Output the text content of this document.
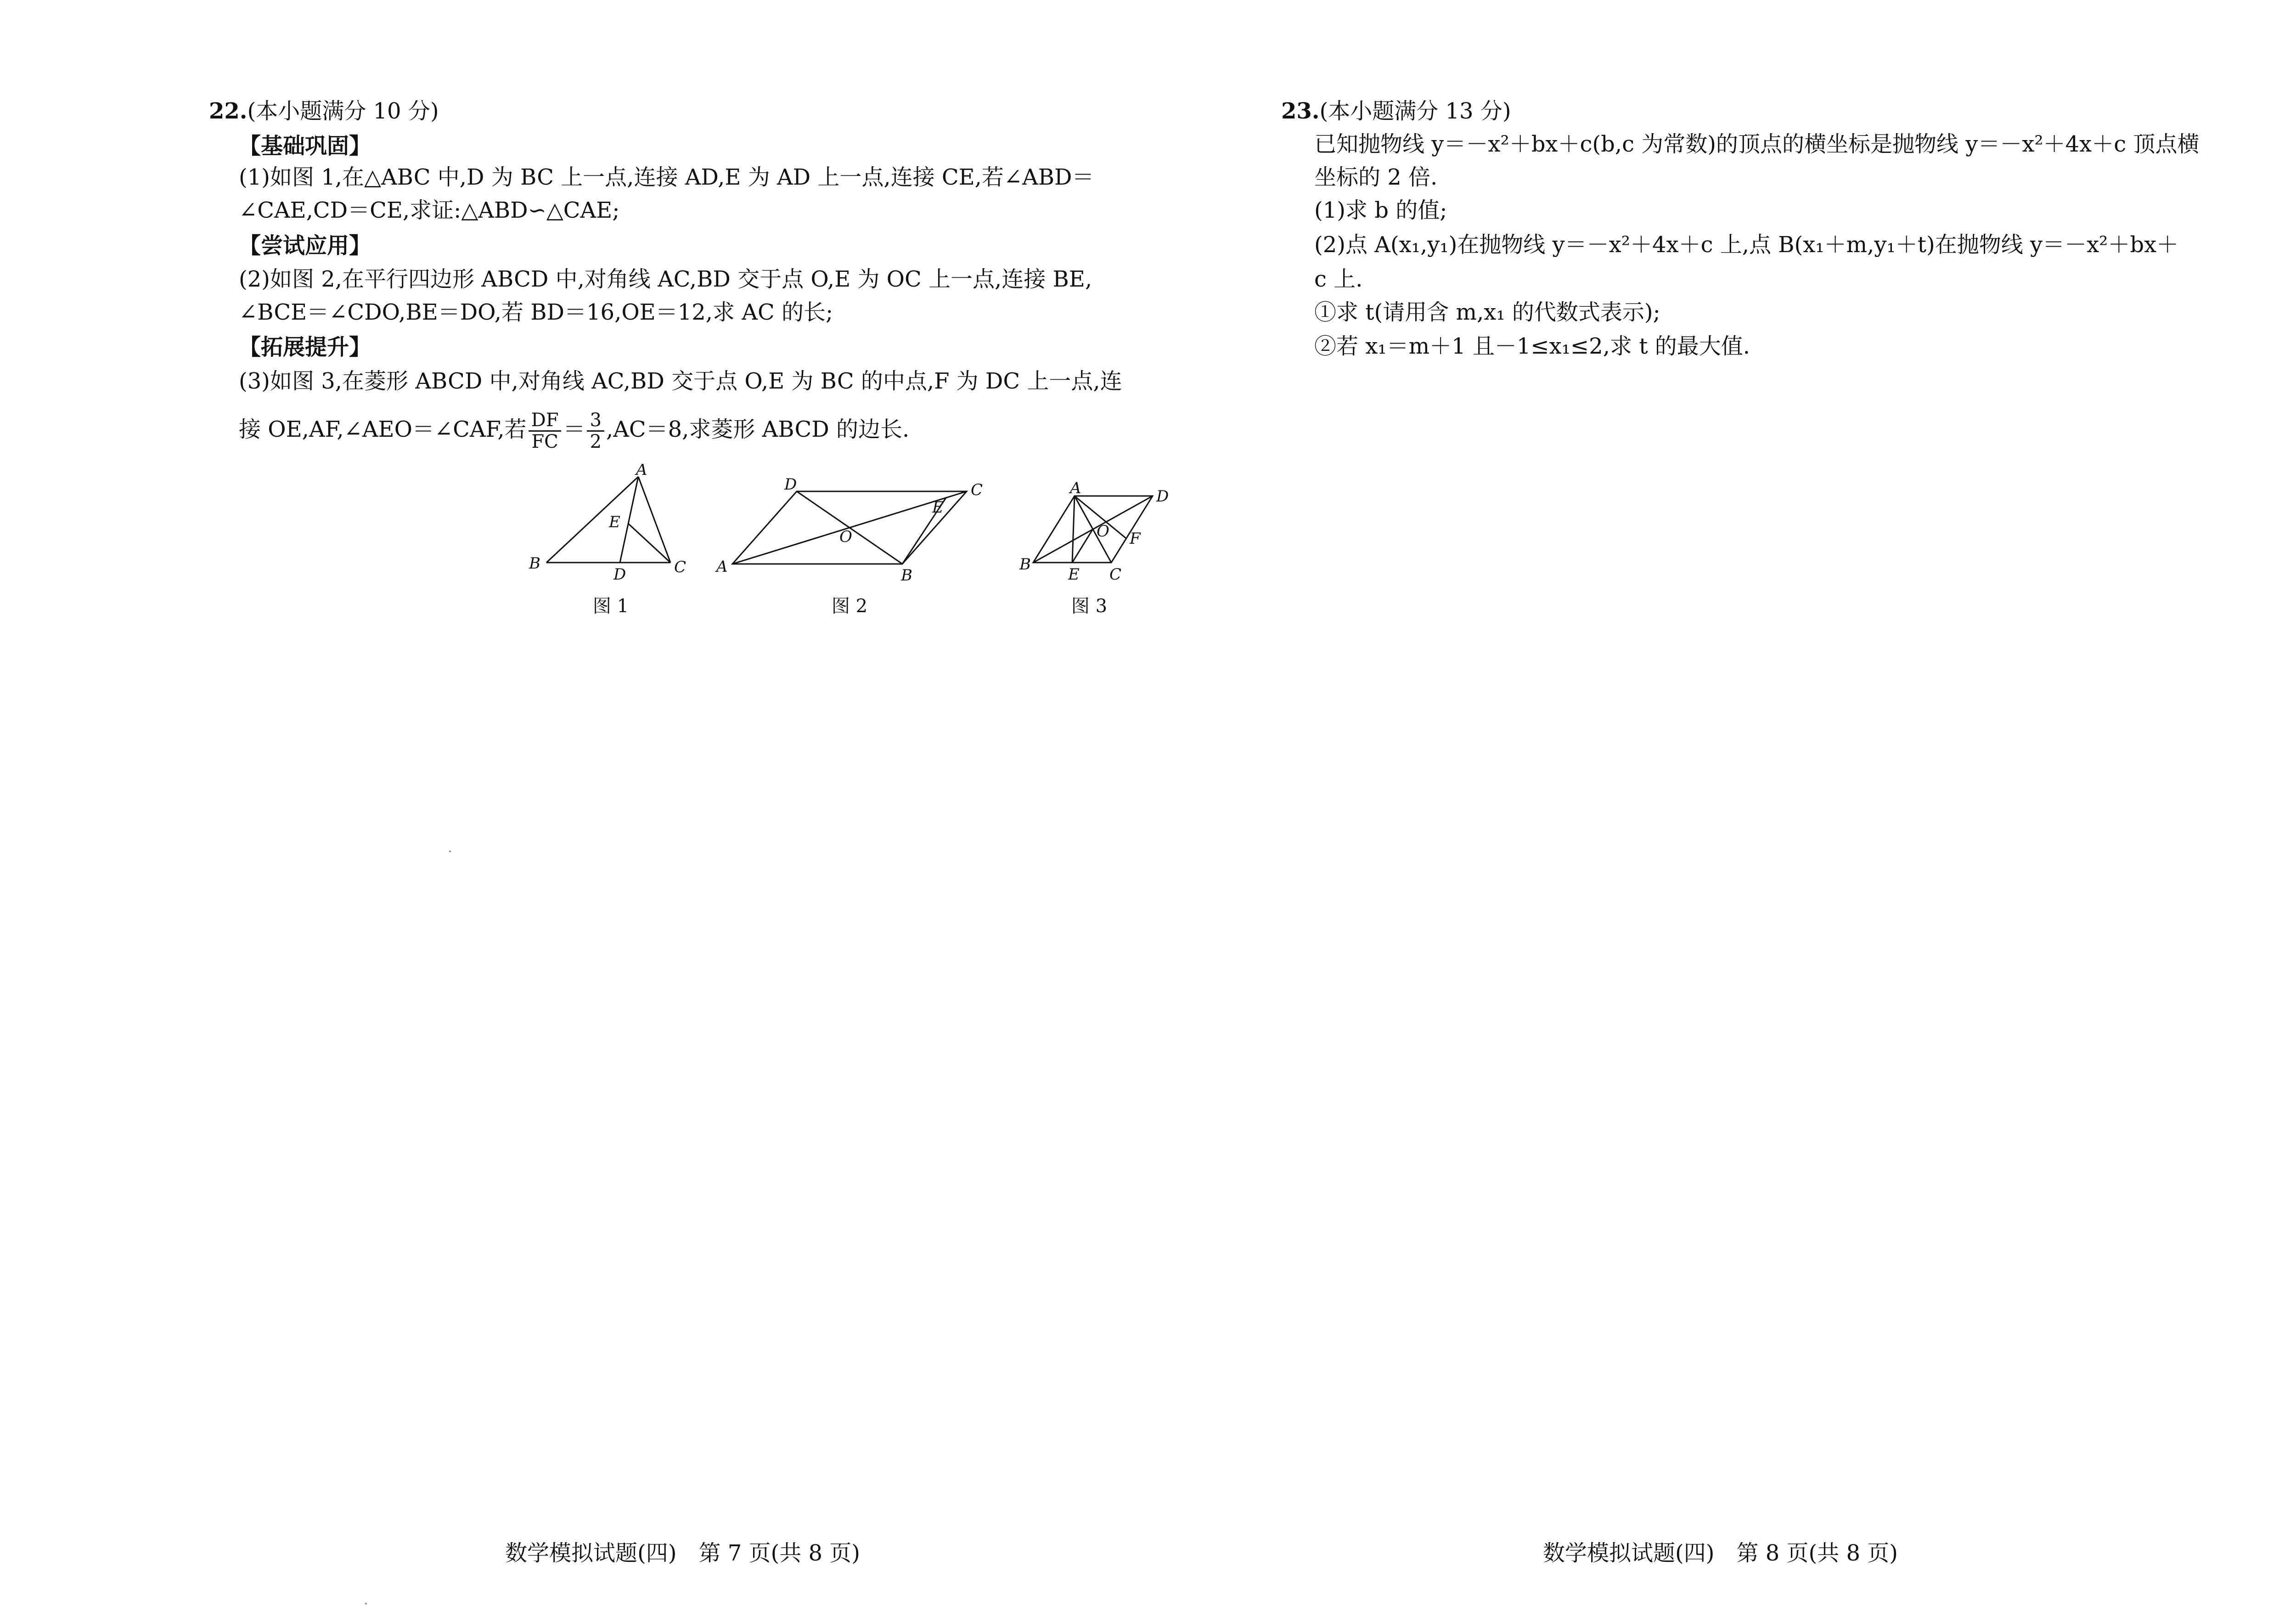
22.(本小题满分 10 分)
【基础巩固】
(1)如图 1,在△ABC 中,D 为 BC 上一点,连接 AD,E 为 AD 上一点,连接 CE,若∠ABD＝
∠CAE,CD＝CE,求证:△ABD∽△CAE;
【尝试应用】
(2)如图 2,在平行四边形 ABCD 中,对角线 AC,BD 交于点 O,E 为 OC 上一点,连接 BE,
∠BCE＝∠CDO,BE＝DO,若 BD＝16,OE＝12,求 AC 的长;
【拓展提升】
(3)如图 3,在菱形 ABCD 中,对角线 AC,BD 交于点 O,E 为 BC 的中点,F 为 DC 上一点,连
接 OE,AF,∠AEO＝∠CAF,若 $\frac{DF}{FC} = \frac{3}{2} ,AC=8$,求菱形 ABCD 的边长.
A
B	C
D
E
图 1
A	B
C
D
E
O
图 2
A
B
C
D
E
F
O
图 3
数学模拟试题(四)　第 7 页(共 8 页)
23.(本小题满分 13 分)
已知抛物线 y＝－x²＋bx＋c(b,c 为常数)的顶点的横坐标是抛物线 y＝－x²＋4x＋c 顶点横
坐标的 2 倍.
(1)求 b 的值;
(2)点 A(x₁,y₁)在抛物线 y＝－x²＋4x＋c 上,点 B(x₁＋m,y₁＋t)在抛物线 y＝－x²＋bx＋
c 上.
①求 t(请用含 m,x₁ 的代数式表示);
②若 x₁＝m＋1 且－1≤x₁≤2,求 t 的最大值.
数学模拟试题(四)　第 8 页(共 8 页)
